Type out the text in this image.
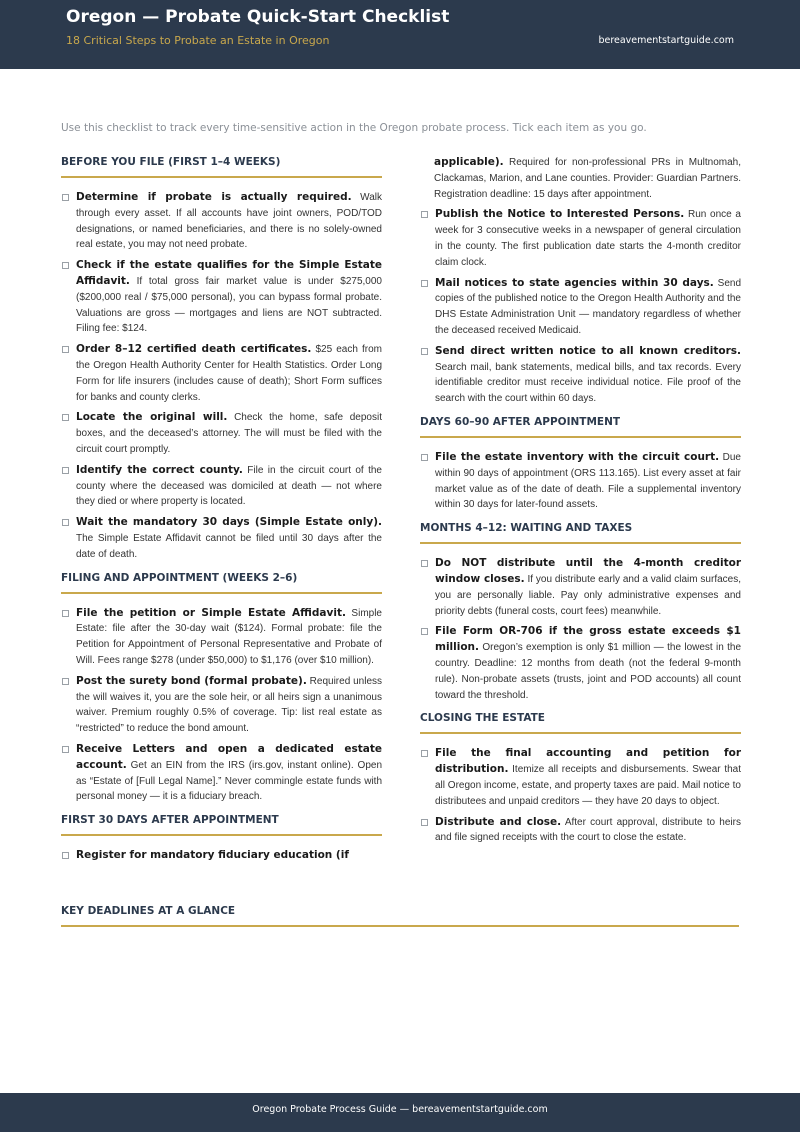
Oregon — Probate Quick-Start Checklist
18 Critical Steps to Probate an Estate in Oregon	bereavementstartguide.com
Use this checklist to track every time-sensitive action in the Oregon probate process. Tick each item as you go.
BEFORE YOU FILE (FIRST 1–4 WEEKS)
Determine if probate is actually required. Walk through every asset. If all accounts have joint owners, POD/TOD designations, or named beneficiaries, and there is no solely-owned real estate, you may not need probate.
Check if the estate qualifies for the Simple Estate Affidavit. If total gross fair market value is under $275,000 ($200,000 real / $75,000 personal), you can bypass formal probate. Valuations are gross — mortgages and liens are NOT subtracted. Filing fee: $124.
Order 8–12 certified death certificates. $25 each from the Oregon Health Authority Center for Health Statistics. Order Long Form for life insurers (includes cause of death); Short Form suffices for banks and county clerks.
Locate the original will. Check the home, safe deposit boxes, and the deceased’s attorney. The will must be filed with the circuit court promptly.
Identify the correct county. File in the circuit court of the county where the deceased was domiciled at death — not where they died or where property is located.
Wait the mandatory 30 days (Simple Estate only). The Simple Estate Affidavit cannot be filed until 30 days after the date of death.
FILING AND APPOINTMENT (WEEKS 2–6)
File the petition or Simple Estate Affidavit. Simple Estate: file after the 30-day wait ($124). Formal probate: file the Petition for Appointment of Personal Representative and Probate of Will. Fees range $278 (under $50,000) to $1,176 (over $10 million).
Post the surety bond (formal probate). Required unless the will waives it, you are the sole heir, or all heirs sign a unanimous waiver. Premium roughly 0.5% of coverage. Tip: list real estate as “restricted” to reduce the bond amount.
Receive Letters and open a dedicated estate account. Get an EIN from the IRS (irs.gov, instant online). Open as “Estate of [Full Legal Name].” Never commingle estate funds with personal money — it is a fiduciary breach.
FIRST 30 DAYS AFTER APPOINTMENT
Register for mandatory fiduciary education (if
applicable). Required for non-professional PRs in Multnomah, Clackamas, Marion, and Lane counties. Provider: Guardian Partners. Registration deadline: 15 days after appointment.
Publish the Notice to Interested Persons. Run once a week for 3 consecutive weeks in a newspaper of general circulation in the county. The first publication date starts the 4-month creditor claim clock.
Mail notices to state agencies within 30 days. Send copies of the published notice to the Oregon Health Authority and the DHS Estate Administration Unit — mandatory regardless of whether the deceased received Medicaid.
Send direct written notice to all known creditors. Search mail, bank statements, medical bills, and tax records. Every identifiable creditor must receive individual notice. File proof of the search with the court within 60 days.
DAYS 60–90 AFTER APPOINTMENT
File the estate inventory with the circuit court. Due within 90 days of appointment (ORS 113.165). List every asset at fair market value as of the date of death. File a supplemental inventory within 30 days for later-found assets.
MONTHS 4–12: WAITING AND TAXES
Do NOT distribute until the 4-month creditor window closes. If you distribute early and a valid claim surfaces, you are personally liable. Pay only administrative expenses and priority debts (funeral costs, court fees) meanwhile.
File Form OR-706 if the gross estate exceeds $1 million. Oregon’s exemption is only $1 million — the lowest in the country. Deadline: 12 months from death (not the federal 9-month rule). Non-probate assets (trusts, joint and POD accounts) all count toward the threshold.
CLOSING THE ESTATE
File the final accounting and petition for distribution. Itemize all receipts and disbursements. Swear that all Oregon income, estate, and property taxes are paid. Mail notice to distributees and unpaid creditors — they have 20 days to object.
Distribute and close. After court approval, distribute to heirs and file signed receipts with the court to close the estate.
KEY DEADLINES AT A GLANCE
Oregon Probate Process Guide — bereavementstartguide.com
